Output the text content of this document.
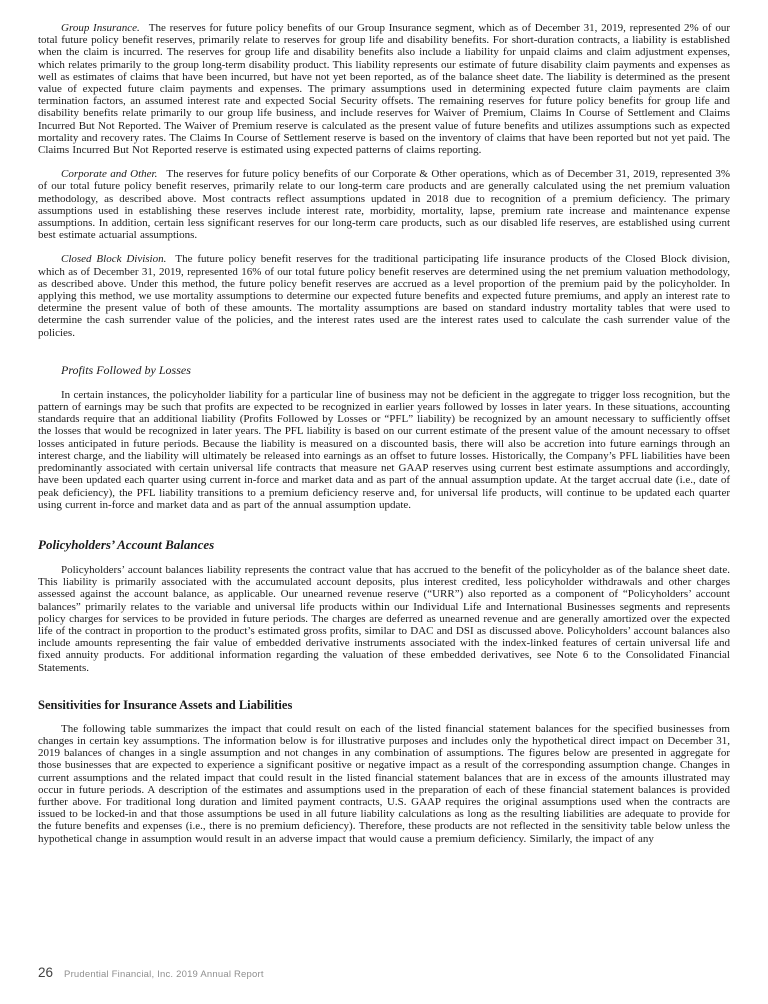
Group Insurance. The reserves for future policy benefits of our Group Insurance segment, which as of December 31, 2019, represented 2% of our total future policy benefit reserves, primarily relate to reserves for group life and disability benefits. For short-duration contracts, a liability is established when the claim is incurred. The reserves for group life and disability benefits also include a liability for unpaid claims and claim adjustment expenses, which relates primarily to the group long-term disability product. This liability represents our estimate of future disability claim payments and expenses as well as estimates of claims that have been incurred, but have not yet been reported, as of the balance sheet date. The liability is determined as the present value of expected future claim payments and expenses. The primary assumptions used in determining expected future claim payments are claim termination factors, an assumed interest rate and expected Social Security offsets. The remaining reserves for future policy benefits for group life and disability benefits relate primarily to our group life business, and include reserves for Waiver of Premium, Claims In Course of Settlement and Claims Incurred But Not Reported. The Waiver of Premium reserve is calculated as the present value of future benefits and utilizes assumptions such as expected mortality and recovery rates. The Claims In Course of Settlement reserve is based on the inventory of claims that have been reported but not yet paid. The Claims Incurred But Not Reported reserve is estimated using expected patterns of claims reporting.

Corporate and Other. The reserves for future policy benefits of our Corporate & Other operations, which as of December 31, 2019, represented 3% of our total future policy benefit reserves, primarily relate to our long-term care products and are generally calculated using the net premium valuation methodology, as described above. Most contracts reflect assumptions updated in 2018 due to recognition of a premium deficiency. The primary assumptions used in establishing these reserves include interest rate, morbidity, mortality, lapse, premium rate increase and maintenance expense assumptions. In addition, certain less significant reserves for our long-term care products, such as our disabled life reserves, are established using current best estimate actuarial assumptions.

Closed Block Division. The future policy benefit reserves for the traditional participating life insurance products of the Closed Block division, which as of December 31, 2019, represented 16% of our total future policy benefit reserves are determined using the net premium valuation methodology, as described above. Under this method, the future policy benefit reserves are accrued as a level proportion of the premium paid by the policyholder. In applying this method, we use mortality assumptions to determine our expected future benefits and expected future premiums, and apply an interest rate to determine the present value of both of these amounts. The mortality assumptions are based on standard industry mortality tables that were used to determine the cash surrender value of the policies, and the interest rates used are the interest rates used to calculate the cash surrender value of the policies.

Profits Followed by Losses

In certain instances, the policyholder liability for a particular line of business may not be deficient in the aggregate to trigger loss recognition, but the pattern of earnings may be such that profits are expected to be recognized in earlier years followed by losses in later years. In these situations, accounting standards require that an additional liability (Profits Followed by Losses or “PFL” liability) be recognized by an amount necessary to sufficiently offset the losses that would be recognized in later years. The PFL liability is based on our current estimate of the present value of the amount necessary to offset losses anticipated in future periods. Because the liability is measured on a discounted basis, there will also be accretion into future earnings through an interest charge, and the liability will ultimately be released into earnings as an offset to future losses. Historically, the Company’s PFL liabilities have been predominantly associated with certain universal life contracts that measure net GAAP reserves using current best estimate assumptions and accordingly, have been updated each quarter using current in-force and market data and as part of the annual assumption update. At the target accrual date (i.e., date of peak deficiency), the PFL liability transitions to a premium deficiency reserve and, for universal life products, will continue to be updated each quarter using current in-force and market data and as part of the annual assumption update.

Policyholders’ Account Balances

Policyholders’ account balances liability represents the contract value that has accrued to the benefit of the policyholder as of the balance sheet date. This liability is primarily associated with the accumulated account deposits, plus interest credited, less policyholder withdrawals and other charges assessed against the account balance, as applicable. Our unearned revenue reserve (“URR”) also reported as a component of “Policyholders’ account balances” primarily relates to the variable and universal life products within our Individual Life and International Businesses segments and represents policy charges for services to be provided in future periods. The charges are deferred as unearned revenue and are generally amortized over the expected life of the contract in proportion to the product’s estimated gross profits, similar to DAC and DSI as discussed above. Policyholders’ account balances also include amounts representing the fair value of embedded derivative instruments associated with the index-linked features of certain universal life and fixed annuity products. For additional information regarding the valuation of these embedded derivatives, see Note 6 to the Consolidated Financial Statements.

Sensitivities for Insurance Assets and Liabilities

The following table summarizes the impact that could result on each of the listed financial statement balances for the specified businesses from changes in certain key assumptions. The information below is for illustrative purposes and includes only the hypothetical direct impact on December 31, 2019 balances of changes in a single assumption and not changes in any combination of assumptions. The figures below are presented in aggregate for those businesses that are expected to experience a significant positive or negative impact as a result of the corresponding assumption change. Changes in current assumptions and the related impact that could result in the listed financial statement balances that are in excess of the amounts illustrated may occur in future periods. A description of the estimates and assumptions used in the preparation of each of these financial statement balances is provided further above. For traditional long duration and limited payment contracts, U.S. GAAP requires the original assumptions used when the contracts are issued to be locked-in and that those assumptions be used in all future liability calculations as long as the resulting liabilities are adequate to provide for the future benefits and expenses (i.e., there is no premium deficiency). Therefore, these products are not reflected in the sensitivity table below unless the hypothetical change in assumption would result in an adverse impact that would cause a premium deficiency. Similarly, the impact of any

26 Prudential Financial, Inc. 2019 Annual Report
